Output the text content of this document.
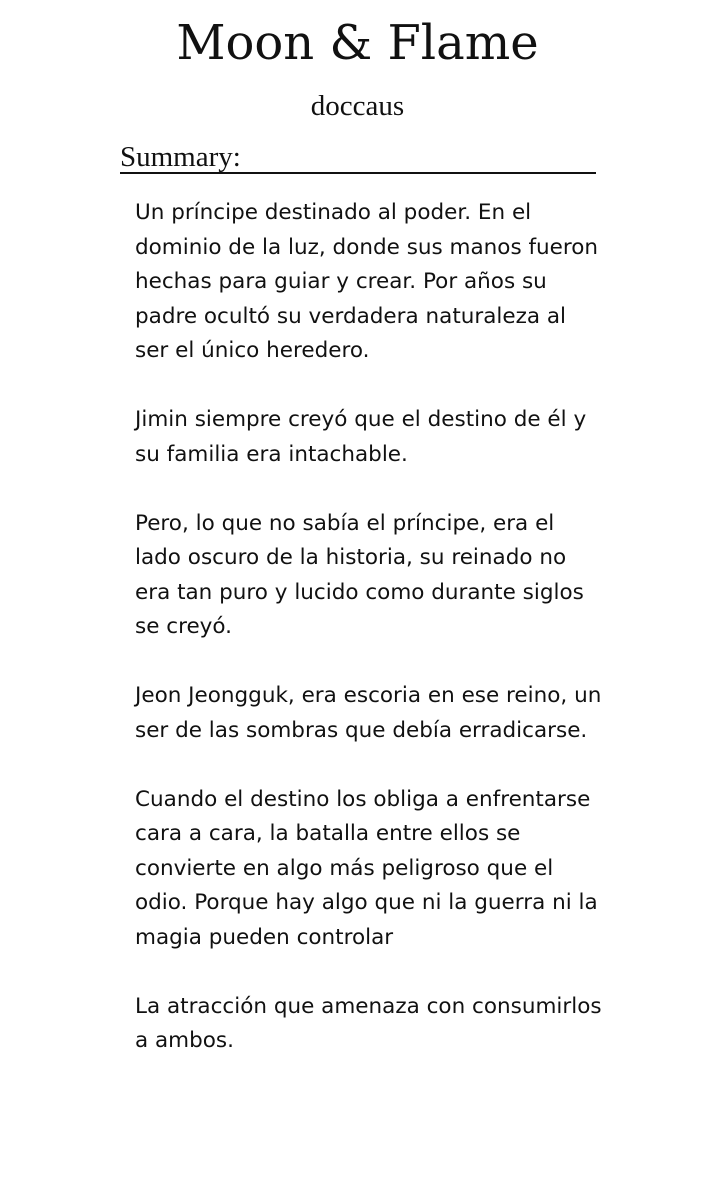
Moon & Flame
doccaus
Summary:

Un príncipe destinado al poder. En el dominio de la luz, donde sus manos fueron hechas para guiar y crear. Por años su padre ocultó su verdadera naturaleza al ser el único heredero.

Jimin siempre creyó que el destino de él y su familia era intachable.

Pero, lo que no sabía el príncipe, era el lado oscuro de la historia, su reinado no era tan puro y lucido como durante siglos se creyó.

Jeon Jeongguk, era escoria en ese reino, un ser de las sombras que debía erradicarse.

Cuando el destino los obliga a enfrentarse cara a cara, la batalla entre ellos se convierte en algo más peligroso que el odio. Porque hay algo que ni la guerra ni la magia pueden controlar

La atracción que amenaza con consumirlos a ambos.
